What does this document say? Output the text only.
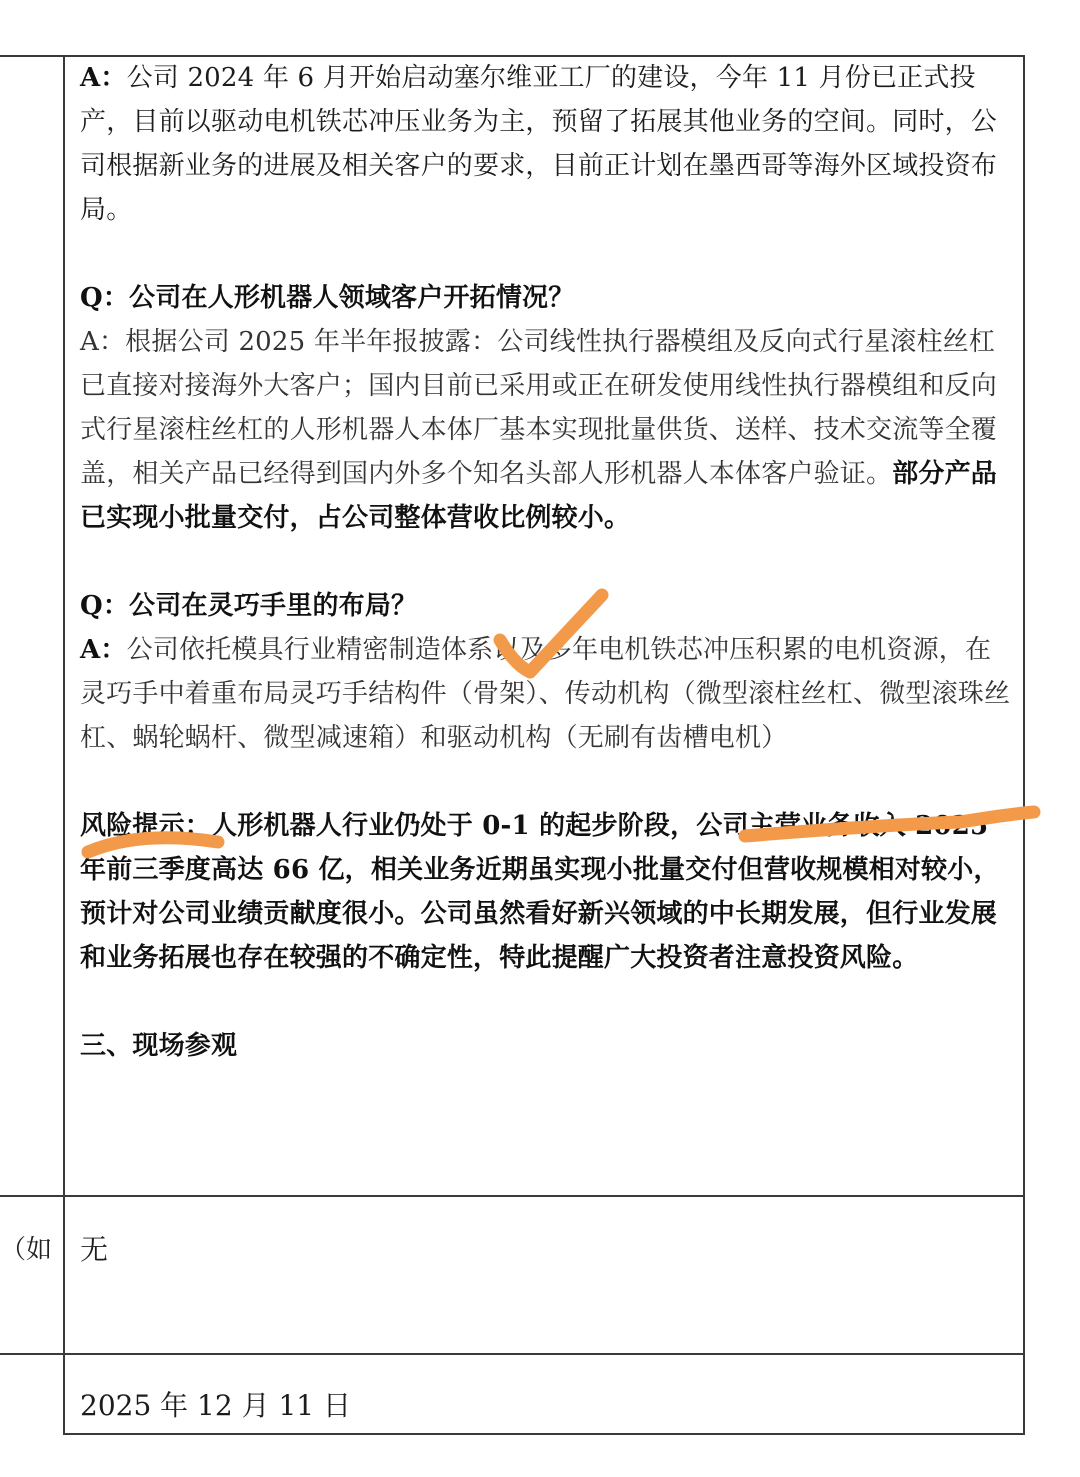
A：公司 2024 年 6 月开始启动塞尔维亚工厂的建设，今年 11 月份已正式投产，目前以驱动电机铁芯冲压业务为主，预留了拓展其他业务的空间。同时，公司根据新业务的进展及相关客户的要求，目前正计划在墨西哥等海外区域投资布局。

Q：公司在人形机器人领域客户开拓情况？

A：根据公司 2025 年半年报披露：公司线性执行器模组及反向式行星滚柱丝杠已直接对接海外大客户；国内目前已采用或正在研发使用线性执行器模组和反向式行星滚柱丝杠的人形机器人本体厂基本实现批量供货、送样、技术交流等全覆盖，相关产品已经得到国内外多个知名头部人形机器人本体客户验证。部分产品已实现小批量交付，占公司整体营收比例较小。

Q：公司在灵巧手里的布局？

A：公司依托模具行业精密制造体系以及多年电机铁芯冲压积累的电机资源，在灵巧手中着重布局灵巧手结构件（骨架）、传动机构（微型滚柱丝杠、微型滚珠丝杠、蜗轮蜗杆、微型减速箱）和驱动机构（无刷有齿槽电机）

风险提示：人形机器人行业仍处于 0-1 的起步阶段，公司主营业务收入 2025 年前三季度高达 66 亿，相关业务近期虽实现小批量交付但营收规模相对较小，预计对公司业绩贡献度很小。公司虽然看好新兴领域的中长期发展，但行业发展和业务拓展也存在较强的不确定性，特此提醒广大投资者注意投资风险。

三、现场参观

（如 无
2025 年 12 月 11 日
